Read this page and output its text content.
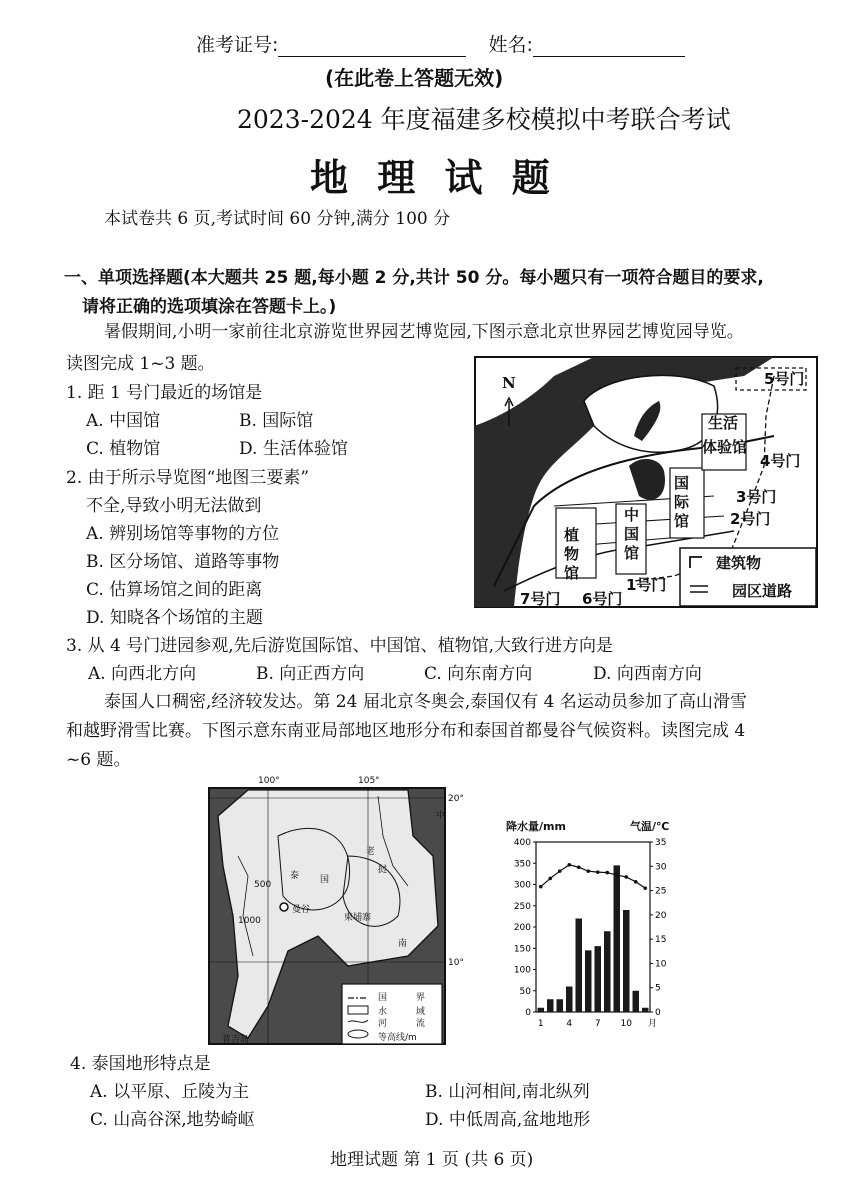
准考证号:	姓名:
(在此卷上答题无效)
2023-2024 年度福建多校模拟中考联合考试
地 理 试 题
本试卷共 6 页,考试时间 60 分钟,满分 100 分
一、单项选择题(本大题共 25 题,每小题 2 分,共计 50 分。每小题只有一项符合题目的要求,
请将正确的选项填涂在答题卡上。)
暑假期间,小明一家前往北京游览世界园艺博览园,下图示意北京世界园艺博览园导览。
读图完成 1~3 题。
1. 距 1 号门最近的场馆是
A. 中国馆	B. 国际馆
C. 植物馆	D. 生活体验馆
2. 由于所示导览图“地图三要素”
不全,导致小明无法做到
A. 辨别场馆等事物的方位
B. 区分场馆、道路等事物
C. 估算场馆之间的距离
D. 知晓各个场馆的主题
N	5号门
4号门
3号门
2号门
1号门
6号门
7号门
生活
体验馆
国际馆
中国馆
植物馆
建筑物
园区道路
3. 从 4 号门进园参观,先后游览国际馆、中国馆、植物馆,大致行进方向是
A. 向西北方向	B. 向正西方向	C. 向东南方向	D. 向西南方向
泰国人口稠密,经济较发达。第 24 届北京冬奥会,泰国仅有 4 名运动员参加了高山滑雪
和越野滑雪比赛。下图示意东南亚局部地区地形分布和泰国首都曼谷气候资料。读图完成 4
~6 题。
100°	105°
20°
10°
泰 国
曼谷
老
挝
柬埔寨
南
中
普吉岛
500
1000
国	界
水	域
河	流
等高线/m
降水量/mm	气温/℃
0
50
100
150
200
250
300
350
400
0
5
10
15
20
25
30
35
1	4	7 10 月
4. 泰国地形特点是
A. 以平原、丘陵为主	B. 山河相间,南北纵列
C. 山高谷深,地势崎岖	D. 中低周高,盆地地形
地理试题 第 1 页 (共 6 页)
